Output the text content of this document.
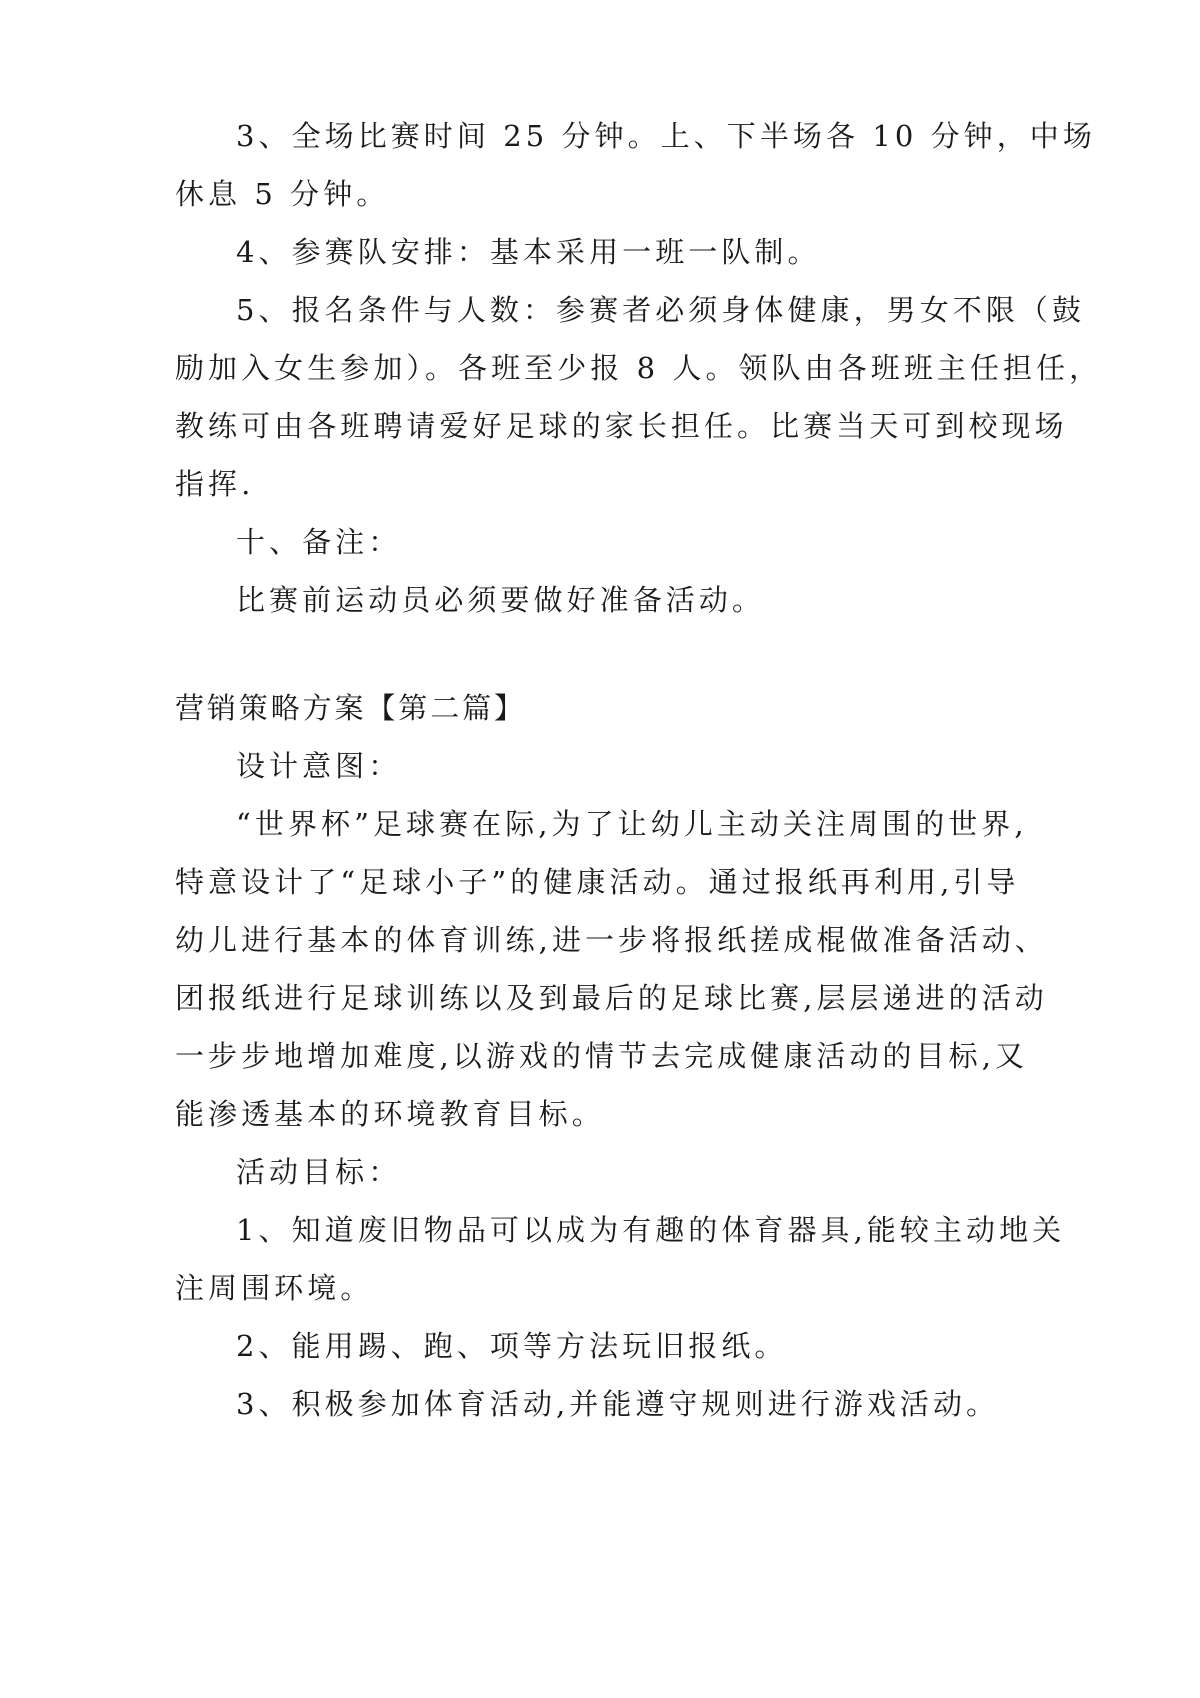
3、全场比赛时间 25 分钟。上、下半场各 10 分钟，中场
休息 5 分钟。
4、参赛队安排：基本采用一班一队制。
5、报名条件与人数：参赛者必须身体健康，男女不限（鼓
励加入女生参加）。各班至少报 8 人。领队由各班班主任担任，
教练可由各班聘请爱好足球的家长担任。比赛当天可到校现场
指挥.
十、备注：
比赛前运动员必须要做好准备活动。
营销策略方案【第二篇】
设计意图：
“世界杯”足球赛在际,为了让幼儿主动关注周围的世界,
特意设计了“足球小子”的健康活动。通过报纸再利用,引导
幼儿进行基本的体育训练,进一步将报纸搓成棍做准备活动、
团报纸进行足球训练以及到最后的足球比赛,层层递进的活动
一步步地增加难度,以游戏的情节去完成健康活动的目标,又
能渗透基本的环境教育目标。
活动目标：
1、知道废旧物品可以成为有趣的体育器具,能较主动地关
注周围环境。
2、能用踢、跑、项等方法玩旧报纸。
3、积极参加体育活动,并能遵守规则进行游戏活动。
